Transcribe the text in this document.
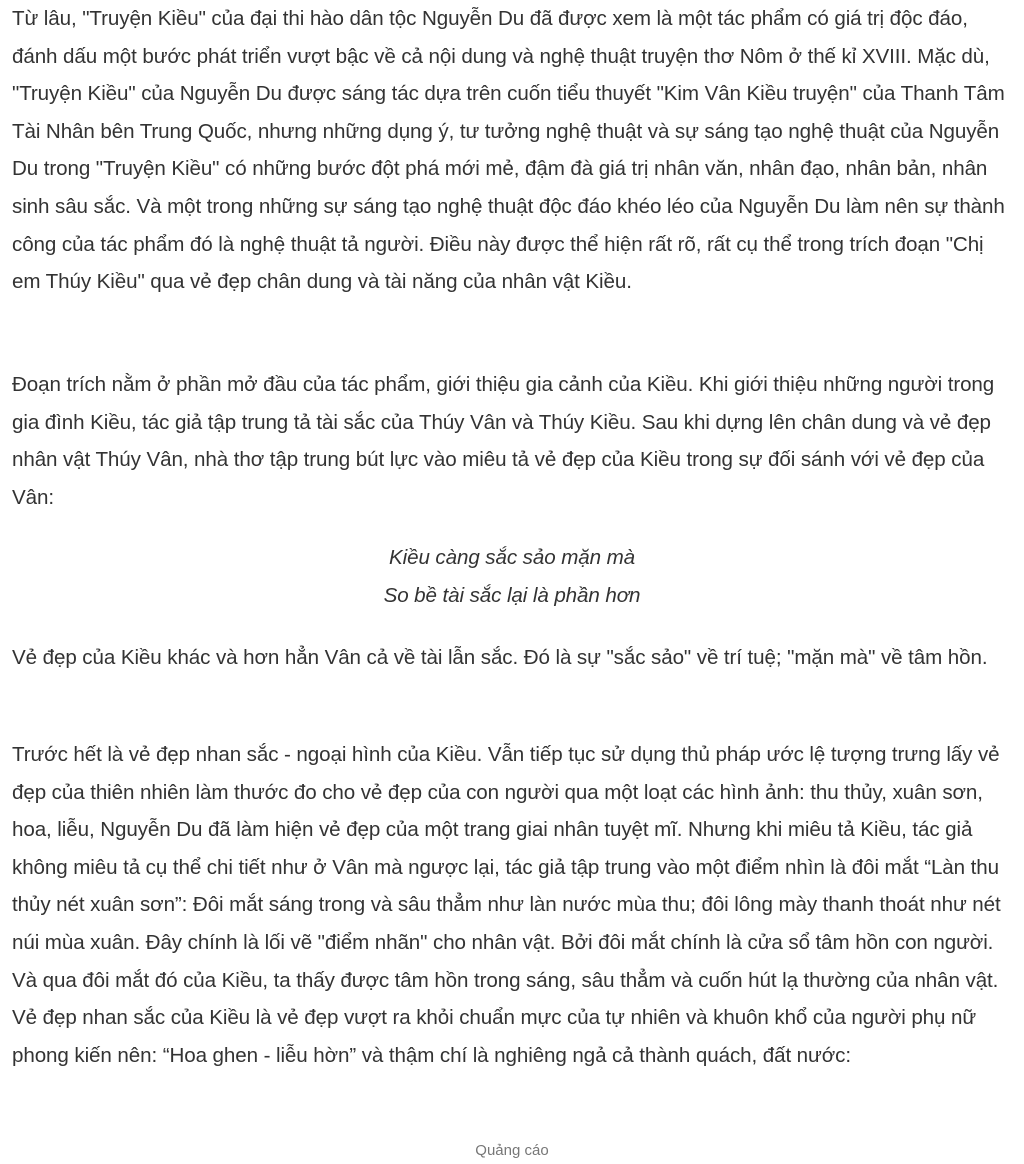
Từ lâu, "Truyện Kiều" của đại thi hào dân tộc Nguyễn Du đã được xem là một tác phẩm có giá trị độc đáo, đánh dấu một bước phát triển vượt bậc về cả nội dung và nghệ thuật truyện thơ Nôm ở thế kỉ XVIII. Mặc dù, "Truyện Kiều" của Nguyễn Du được sáng tác dựa trên cuốn tiểu thuyết "Kim Vân Kiều truyện" của Thanh Tâm Tài Nhân bên Trung Quốc, nhưng những dụng ý, tư tưởng nghệ thuật và sự sáng tạo nghệ thuật của Nguyễn Du trong "Truyện Kiều" có những bước đột phá mới mẻ, đậm đà giá trị nhân văn, nhân đạo, nhân bản, nhân sinh sâu sắc. Và một trong những sự sáng tạo nghệ thuật độc đáo khéo léo của Nguyễn Du làm nên sự thành công của tác phẩm đó là nghệ thuật tả người. Điều này được thể hiện rất rõ, rất cụ thể trong trích đoạn "Chị em Thúy Kiều" qua vẻ đẹp chân dung và tài năng của nhân vật Kiều.

Đoạn trích nằm ở phần mở đầu của tác phẩm, giới thiệu gia cảnh của Kiều. Khi giới thiệu những người trong gia đình Kiều, tác giả tập trung tả tài sắc của Thúy Vân và Thúy Kiều. Sau khi dựng lên chân dung và vẻ đẹp nhân vật Thúy Vân, nhà thơ tập trung bút lực vào miêu tả vẻ đẹp của Kiều trong sự đối sánh với vẻ đẹp của Vân:

Kiều càng sắc sảo mặn mà
So bề tài sắc lại là phần hơn

Vẻ đẹp của Kiều khác và hơn hẳn Vân cả về tài lẫn sắc. Đó là sự "sắc sảo" về trí tuệ; "mặn mà" về tâm hồn.

Trước hết là vẻ đẹp nhan sắc - ngoại hình của Kiều. Vẫn tiếp tục sử dụng thủ pháp ước lệ tượng trưng lấy vẻ đẹp của thiên nhiên làm thước đo cho vẻ đẹp của con người qua một loạt các hình ảnh: thu thủy, xuân sơn, hoa, liễu, Nguyễn Du đã làm hiện vẻ đẹp của một trang giai nhân tuyệt mĩ. Nhưng khi miêu tả Kiều, tác giả không miêu tả cụ thể chi tiết như ở Vân mà ngược lại, tác giả tập trung vào một điểm nhìn là đôi mắt “Làn thu thủy nét xuân sơn”: Đôi mắt sáng trong và sâu thẳm như làn nước mùa thu; đôi lông mày thanh thoát như nét núi mùa xuân. Đây chính là lối vẽ "điểm nhãn" cho nhân vật. Bởi đôi mắt chính là cửa sổ tâm hồn con người. Và qua đôi mắt đó của Kiều, ta thấy được tâm hồn trong sáng, sâu thẳm và cuốn hút lạ thường của nhân vật. Vẻ đẹp nhan sắc của Kiều là vẻ đẹp vượt ra khỏi chuẩn mực của tự nhiên và khuôn khổ của người phụ nữ phong kiến nên: “Hoa ghen - liễu hờn” và thậm chí là nghiêng ngả cả thành quách, đất nước:

Quảng cáo
